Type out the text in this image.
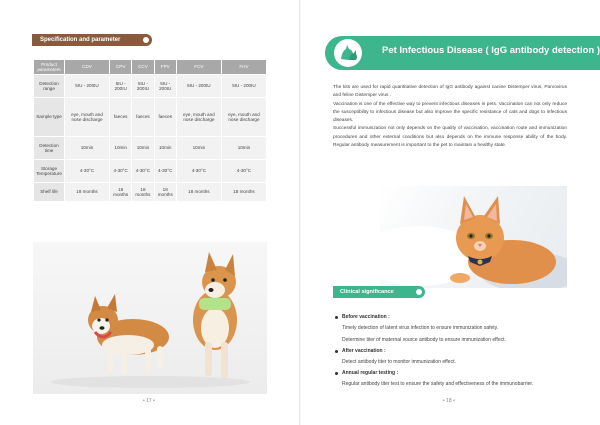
Specification and parameter
Product parameters	CDV	CPV	CCV	FPV	FCV	FHV
Detection range	5IU - 200IU	5IU - 200IU	5IU - 200IU	5IU - 200IU	5IU - 200IU	5IU - 200IU
Sample type	eye, mouth and nose discharge	faeces	faeces	faeces	eye, mouth and nose discharge	eye, mouth and nose discharge
Detection time	10min	10min	10min	10min	10min	10min
Storage Temperature	4-30°C	4-30°C	4-30°C	4-30°C	4-30°C	4-30°C
Shelf life	18 months	18 months	18 months	18 months	18 months	18 months
• 17 •
Pet Infectious Disease ( IgG antibody detection )

The kits are used for rapid quantitative detection of IgG antibody against canine Distemper virus, Parvovirus and feline Distemper virus .

Vaccination is one of the effective way to prevent infectious diseases in pets. Vaccination can not only reduce the susceptibility to infectious disease but also improve the specific resistance of cats and dogs to infectious diseases.

Successful immunization not only depends on the quality of vaccination, vaccination route and immunization procedures and other external conditions but also depends on the immune response ability of the body. Regular antibody measurement is important to the pet to maintain a healthy state.

Clinical significance
Before vaccination :
Timely detection of latent virus infection to ensure immunization safety.
Determine titer of maternal source antibody to ensure immunization effect.
After vaccination :
Detect antibody titer to monitor immunization effect.
Annual regular testing :
Regular antibody titer test to ensure the safety and effectiveness of the immunobarrier.
• 18 •
